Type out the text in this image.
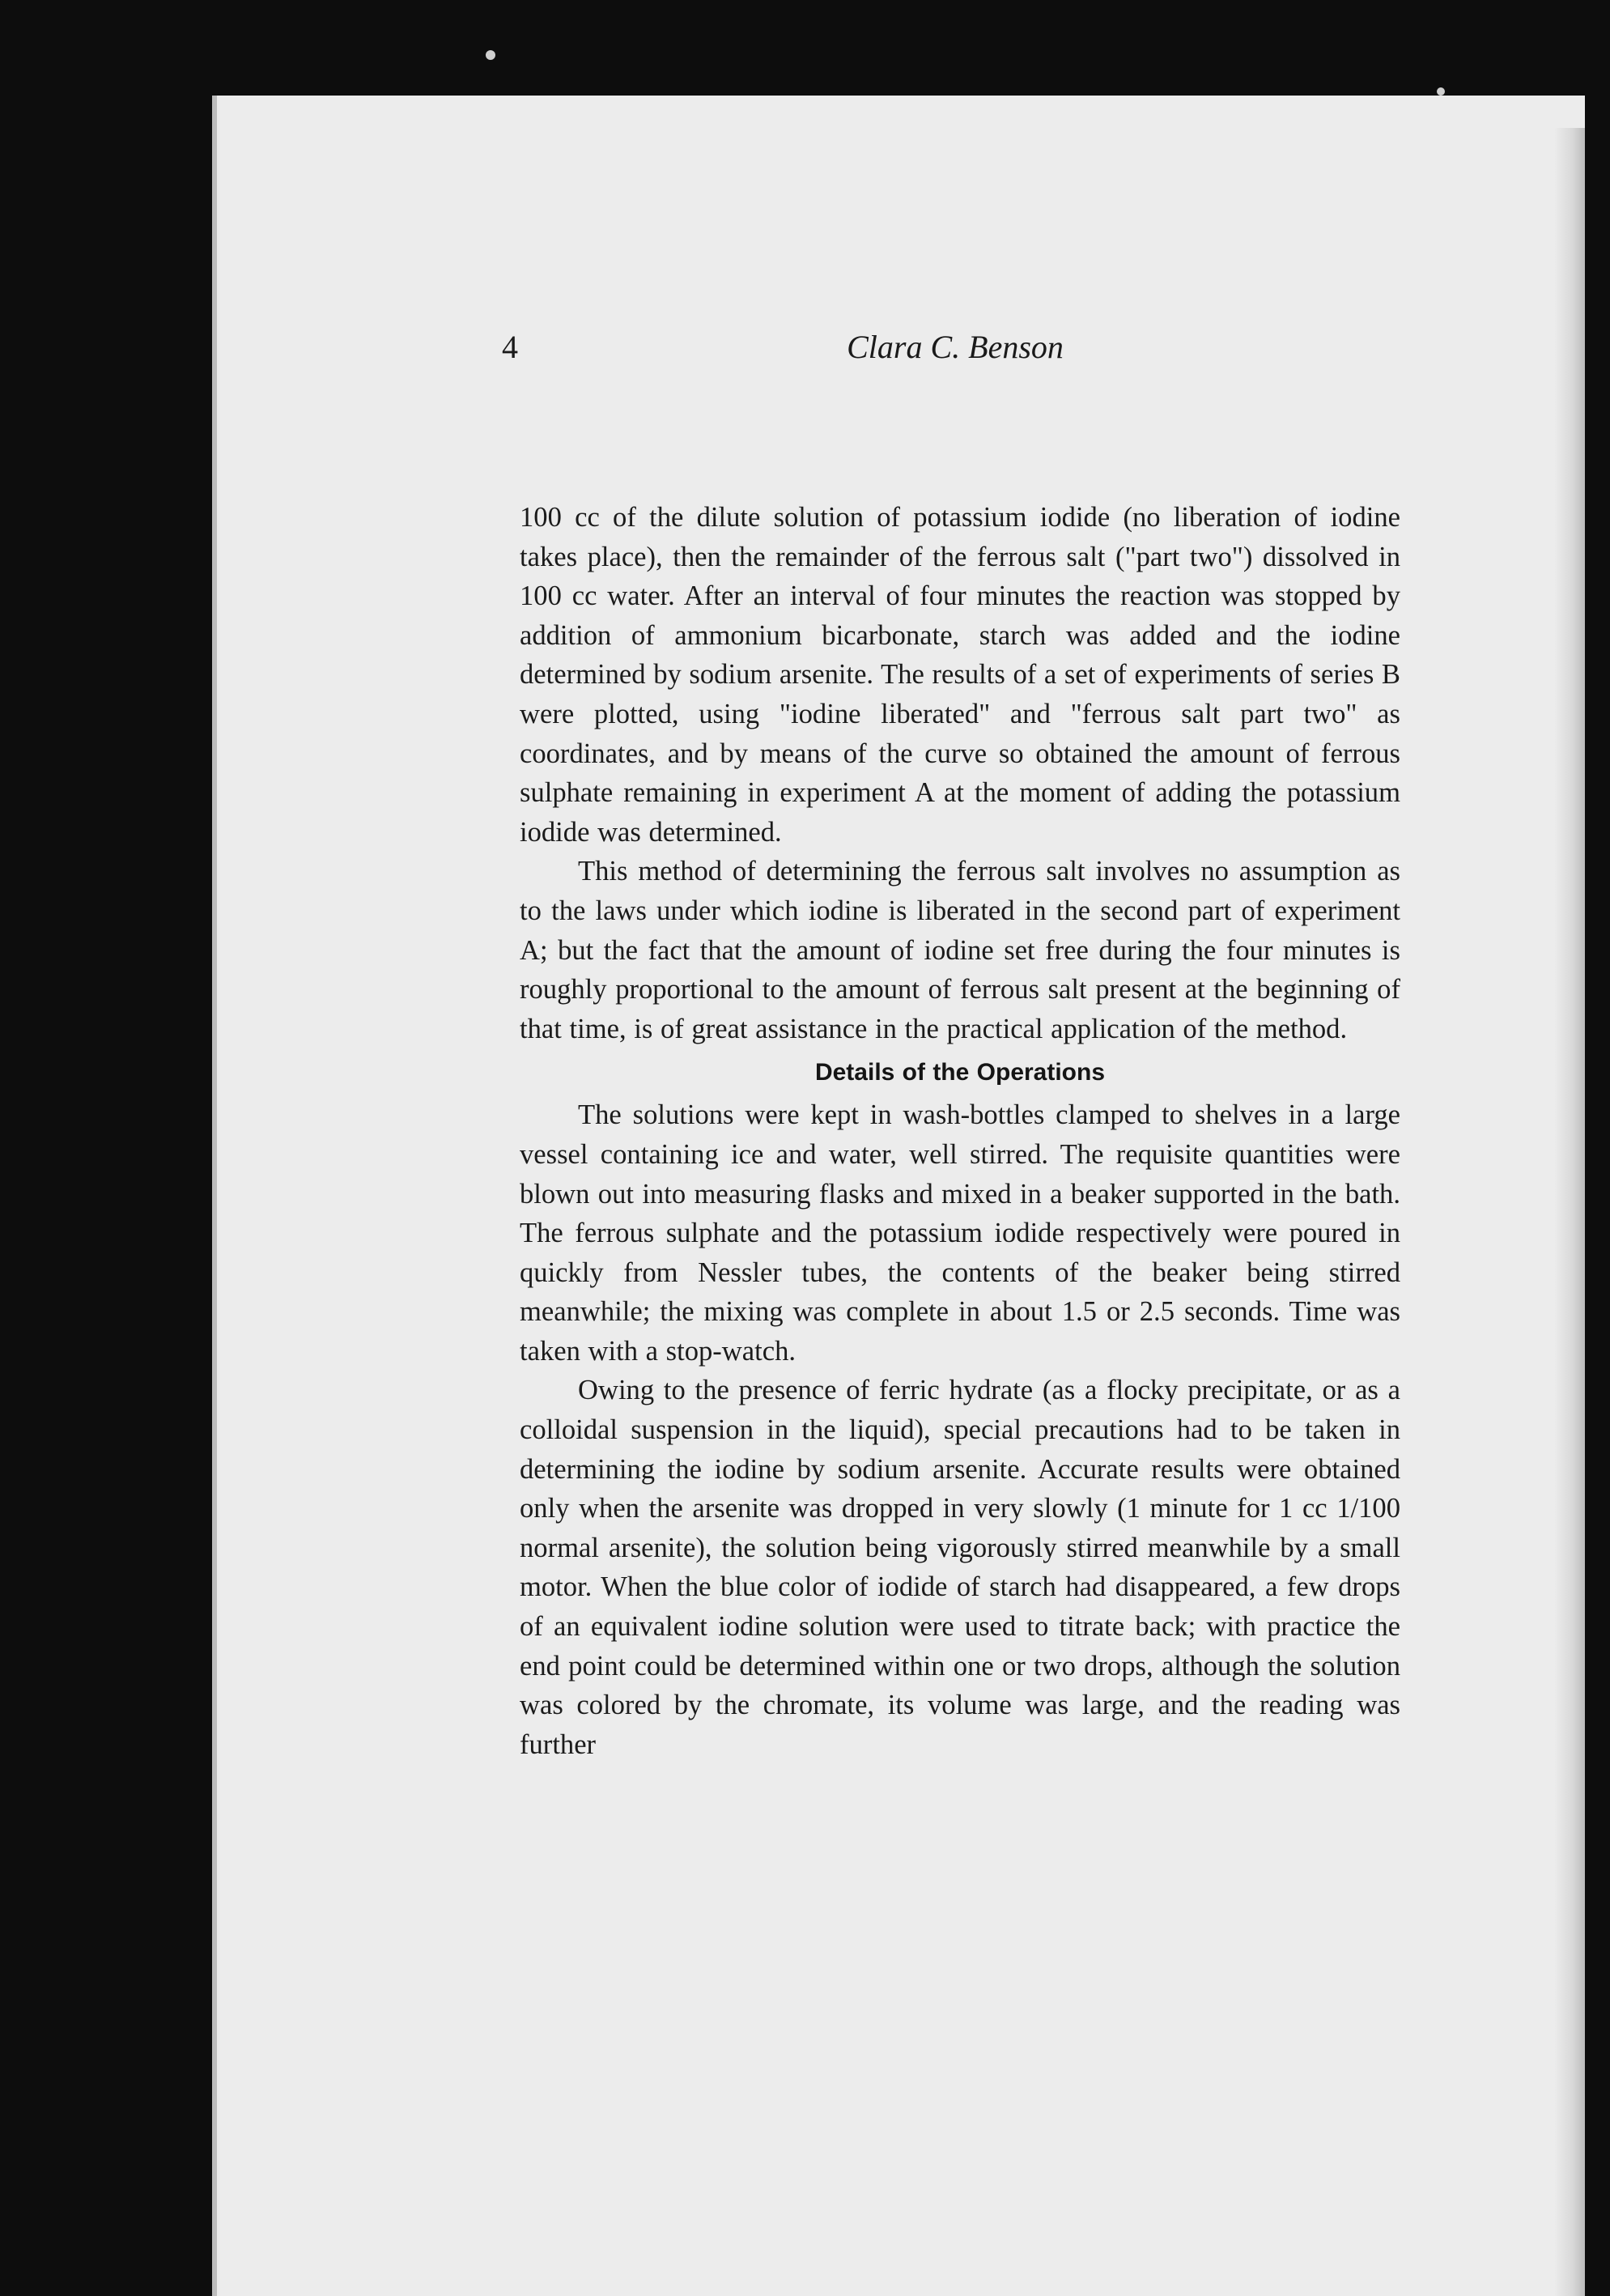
4	Clara C. Benson

100 cc of the dilute solution of potassium iodide (no liberation of iodine takes place), then the remainder of the ferrous salt ("part two") dissolved in 100 cc water. After an interval of four minutes the reaction was stopped by addition of ammonium bicarbonate, starch was added and the iodine determined by sodium arsenite. The results of a set of experiments of series B were plotted, using "iodine liberated" and "ferrous salt part two" as coordinates, and by means of the curve so obtained the amount of ferrous sulphate remaining in experiment A at the moment of adding the potassium iodide was determined.

This method of determining the ferrous salt involves no assumption as to the laws under which iodine is liberated in the second part of experiment A; but the fact that the amount of iodine set free during the four minutes is roughly proportional to the amount of ferrous salt present at the beginning of that time, is of great assistance in the practical application of the method.

Details of the Operations

The solutions were kept in wash-bottles clamped to shelves in a large vessel containing ice and water, well stirred. The requisite quantities were blown out into measuring flasks and mixed in a beaker supported in the bath. The ferrous sulphate and the potassium iodide respectively were poured in quickly from Nessler tubes, the contents of the beaker being stirred meanwhile; the mixing was complete in about 1.5 or 2.5 seconds. Time was taken with a stop-watch.

Owing to the presence of ferric hydrate (as a flocky precipitate, or as a colloidal suspension in the liquid), special precautions had to be taken in determining the iodine by sodium arsenite. Accurate results were obtained only when the arsenite was dropped in very slowly (1 minute for 1 cc 1/100 normal arsenite), the solution being vigorously stirred meanwhile by a small motor. When the blue color of iodide of starch had disappeared, a few drops of an equivalent iodine solution were used to titrate back; with practice the end point could be determined within one or two drops, although the solution was colored by the chromate, its volume was large, and the reading was further
